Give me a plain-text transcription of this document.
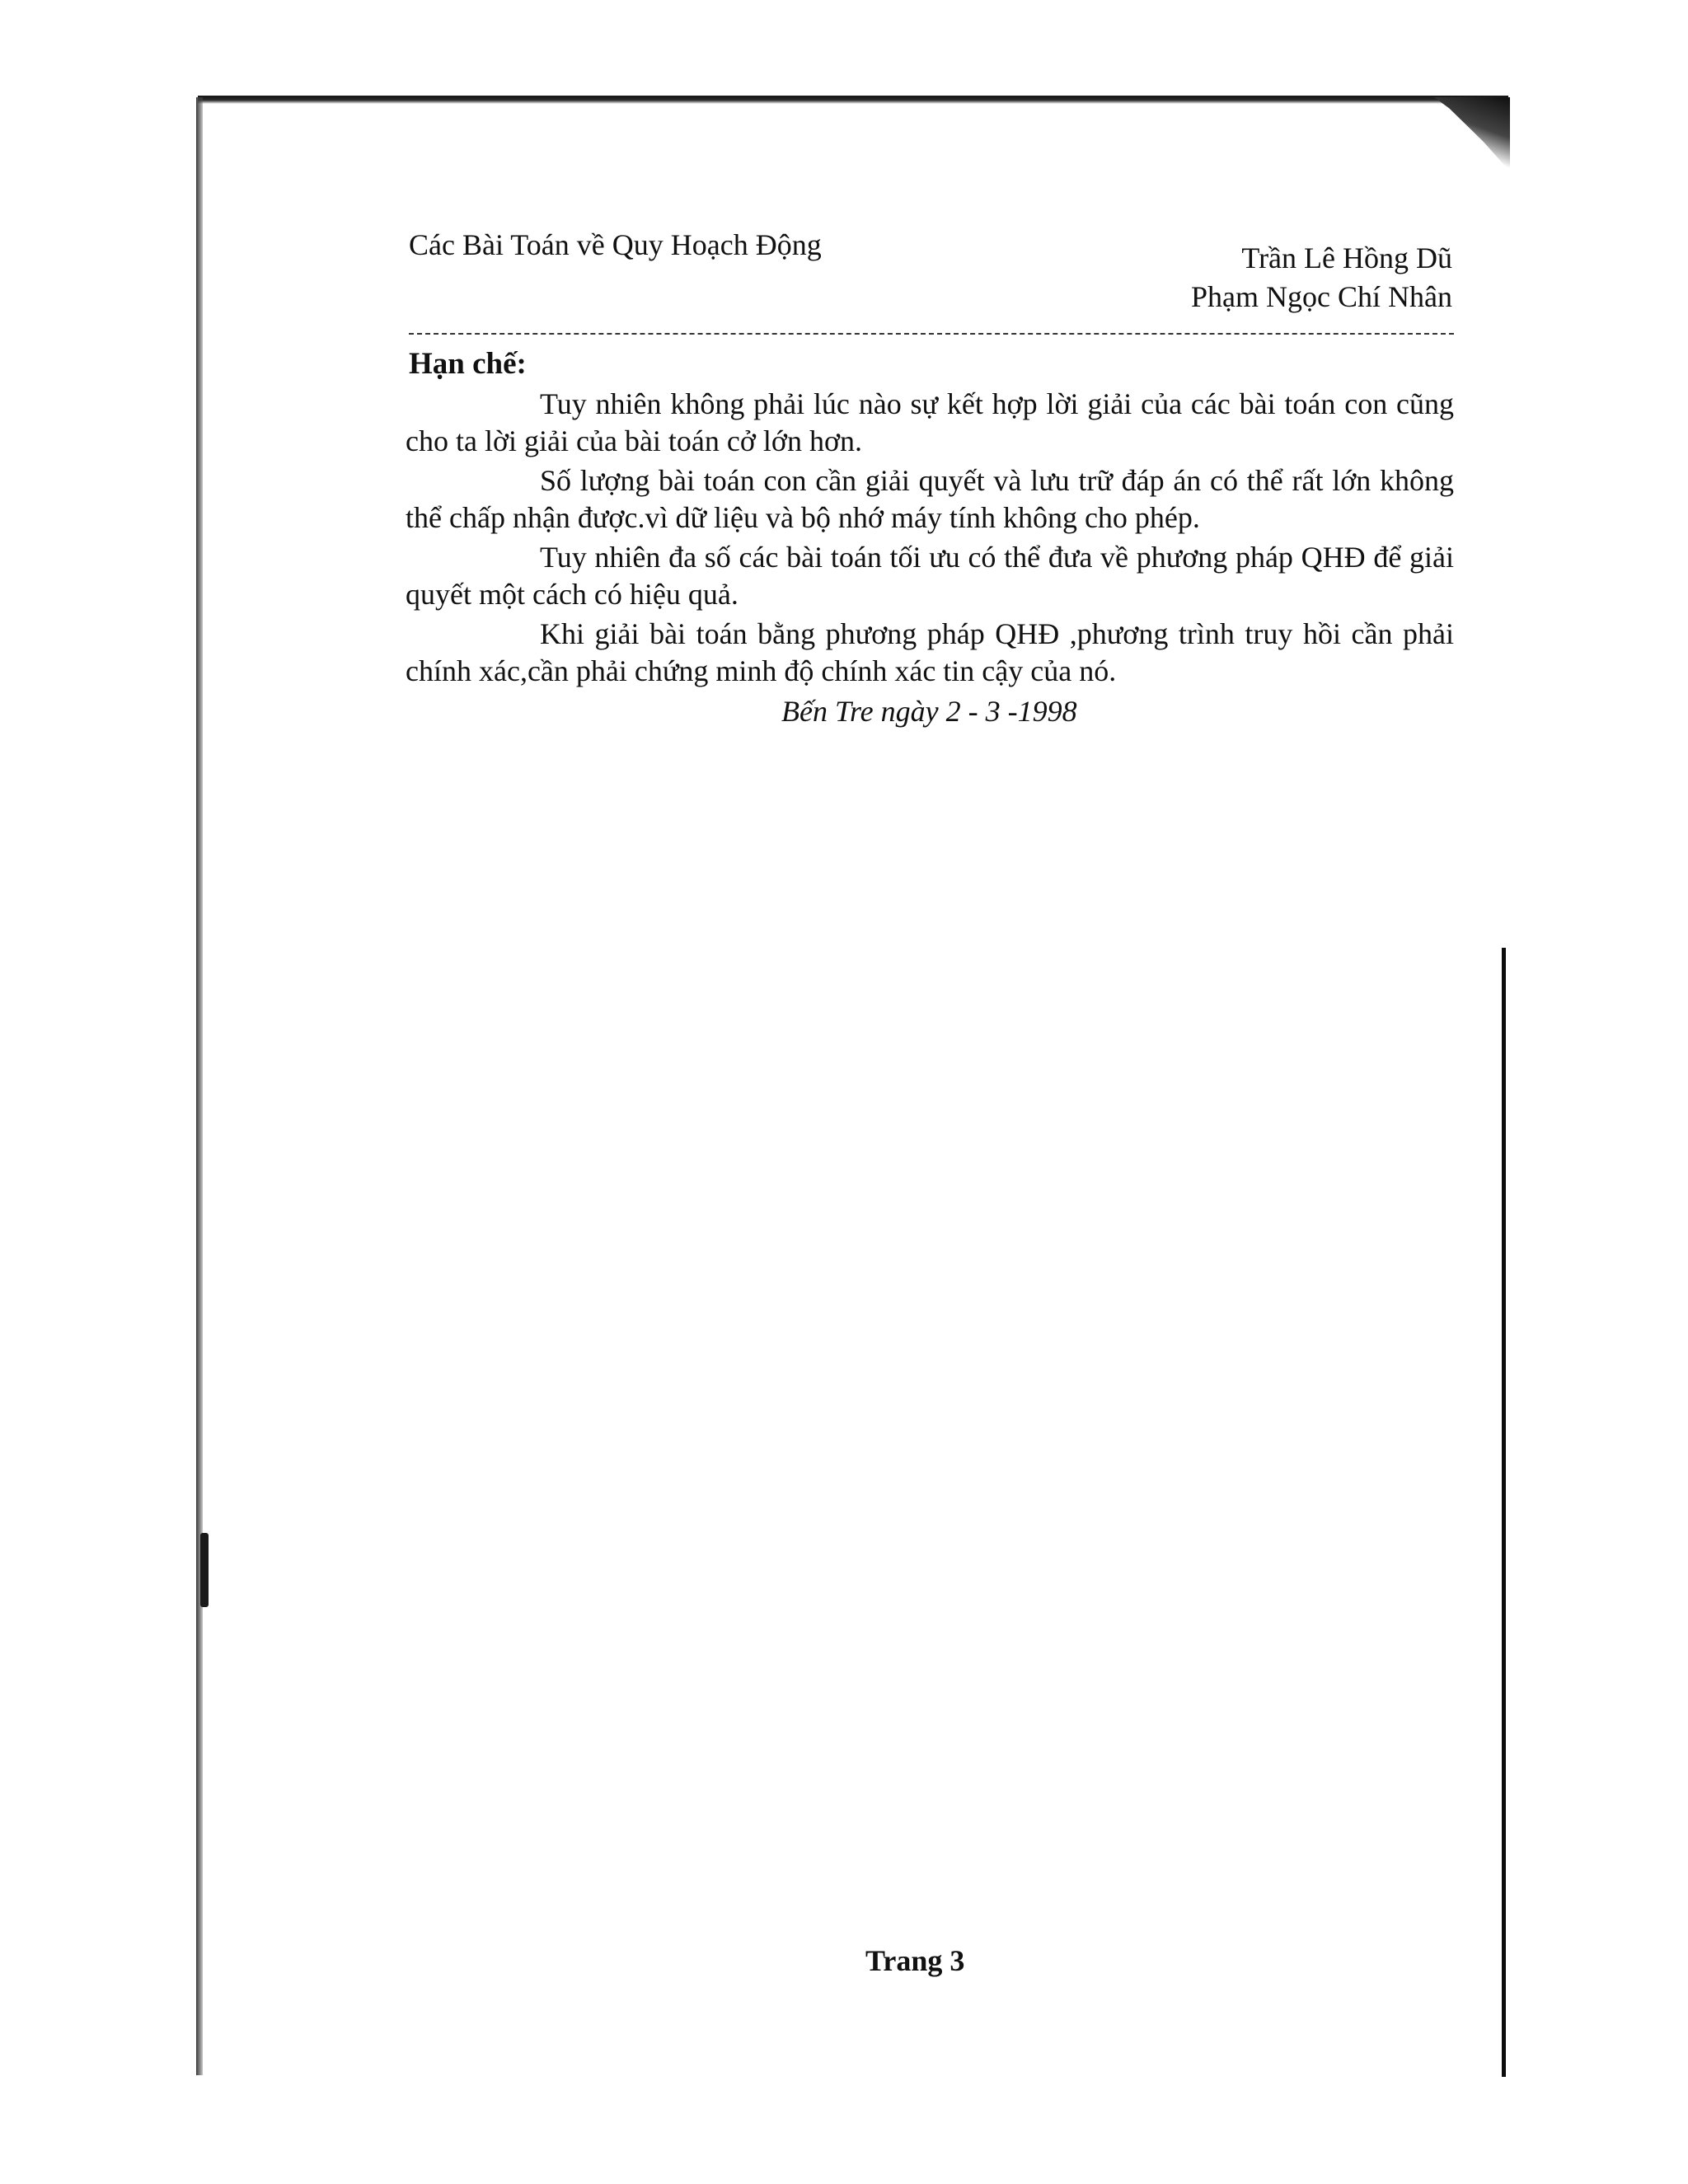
Các Bài Toán về Quy Hoạch Động	Trần Lê Hồng Dũ
Phạm Ngọc Chí Nhân
Hạn chế:

Tuy nhiên không phải lúc nào sự kết hợp lời giải của các bài toán con cũng cho ta lời giải của bài toán cở lớn hơn.

Số lượng bài toán con cần giải quyết và lưu trữ đáp án có thể rất lớn không thể chấp nhận được.vì dữ liệu và bộ nhớ máy tính không cho phép.

Tuy nhiên đa số các bài toán tối ưu có thể đưa về phương pháp QHĐ để giải quyết một cách có hiệu quả.

Khi giải bài toán bằng phương pháp QHĐ ,phương trình truy hồi cần phải chính xác,cần phải chứng minh độ chính xác tin cậy của nó.

Bến Tre ngày 2 - 3 -1998
Trang 3
